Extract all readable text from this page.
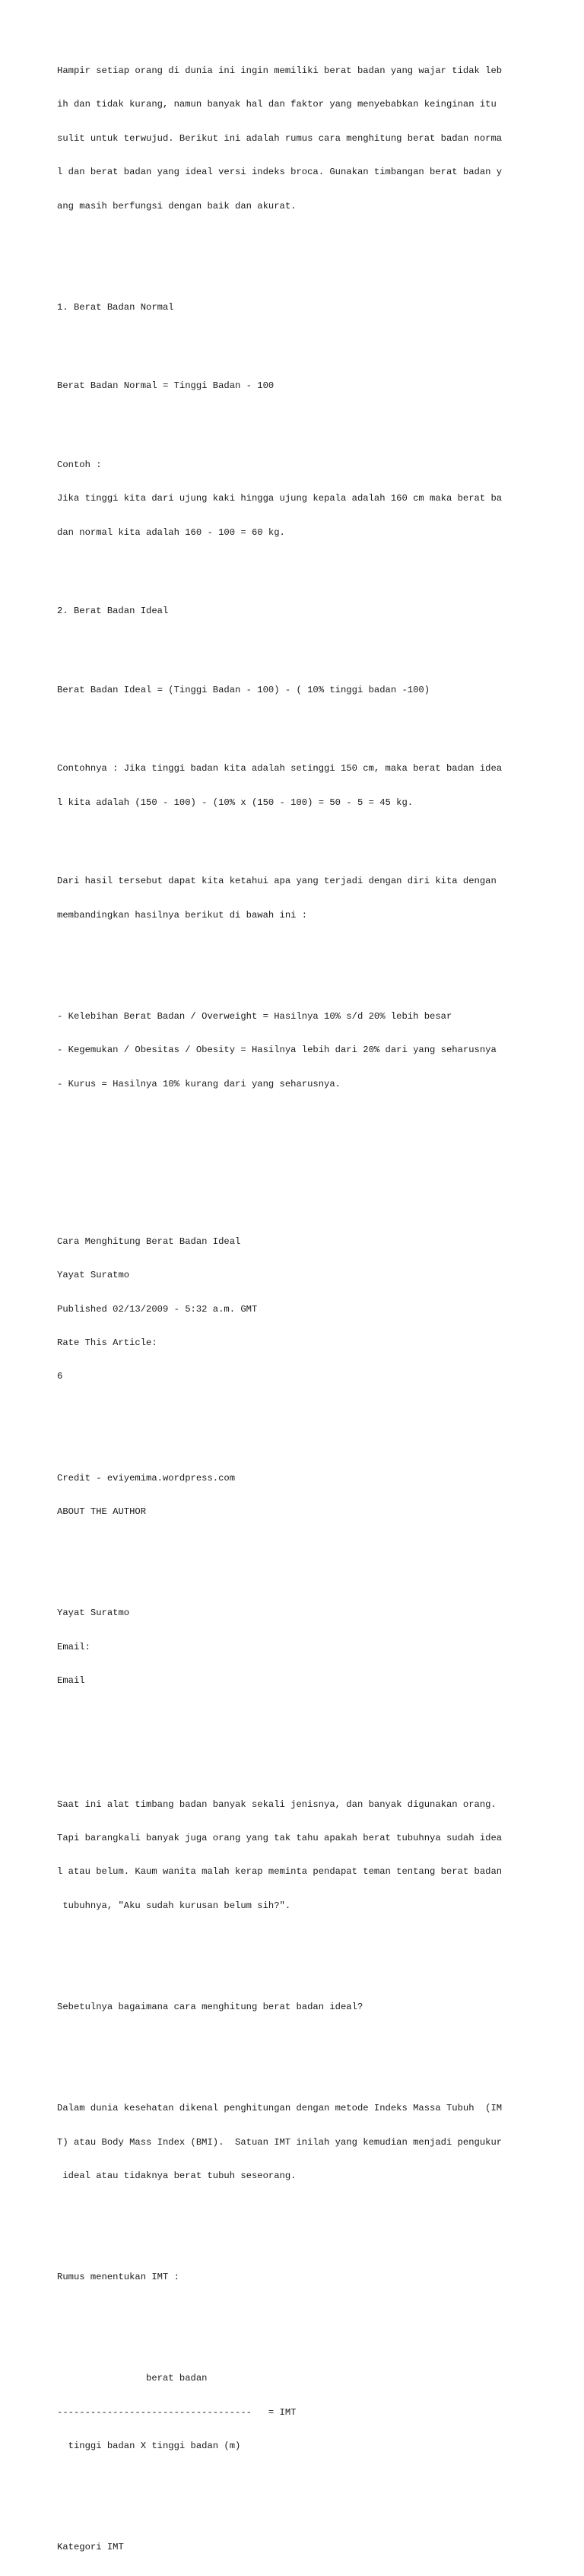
Hampir setiap orang di dunia ini ingin memiliki berat badan yang wajar tidak leb

ih dan tidak kurang, namun banyak hal dan faktor yang menyebabkan keinginan itu

sulit untuk terwujud. Berikut ini adalah rumus cara menghitung berat badan norma

l dan berat badan yang ideal versi indeks broca. Gunakan timbangan berat badan y

ang masih berfungsi dengan baik dan akurat.

1. Berat Badan Normal

Berat Badan Normal = Tinggi Badan - 100

Contoh :

Jika tinggi kita dari ujung kaki hingga ujung kepala adalah 160 cm maka berat ba

dan normal kita adalah 160 - 100 = 60 kg.

2. Berat Badan Ideal

Berat Badan Ideal = (Tinggi Badan - 100) - ( 10% tinggi badan -100)

Contohnya : Jika tinggi badan kita adalah setinggi 150 cm, maka berat badan idea

l kita adalah (150 - 100) - (10% x (150 - 100) = 50 - 5 = 45 kg.

Dari hasil tersebut dapat kita ketahui apa yang terjadi dengan diri kita dengan

membandingkan hasilnya berikut di bawah ini :

- Kelebihan Berat Badan / Overweight = Hasilnya 10% s/d 20% lebih besar

- Kegemukan / Obesitas / Obesity = Hasilnya lebih dari 20% dari yang seharusnya

- Kurus = Hasilnya 10% kurang dari yang seharusnya.

Cara Menghitung Berat Badan Ideal

Yayat Suratmo

Published 02/13/2009 - 5:32 a.m. GMT

Rate This Article:

6

Credit - eviyemima.wordpress.com

ABOUT THE AUTHOR

Yayat Suratmo

Email:

Email

Saat ini alat timbang badan banyak sekali jenisnya, dan banyak digunakan orang.

Tapi barangkali banyak juga orang yang tak tahu apakah berat tubuhnya sudah idea

l atau belum. Kaum wanita malah kerap meminta pendapat teman tentang berat badan

tubuhnya, "Aku sudah kurusan belum sih?".

Sebetulnya bagaimana cara menghitung berat badan ideal?

Dalam dunia kesehatan dikenal penghitungan dengan metode Indeks Massa Tubuh  (IM

T) atau Body Mass Index (BMI).  Satuan IMT inilah yang kemudian menjadi pengukur

ideal atau tidaknya berat tubuh seseorang.

Rumus menentukan IMT :

berat badan

-----------------------------------   = IMT

tinggi badan X tinggi badan (m)

Kategori IMT
